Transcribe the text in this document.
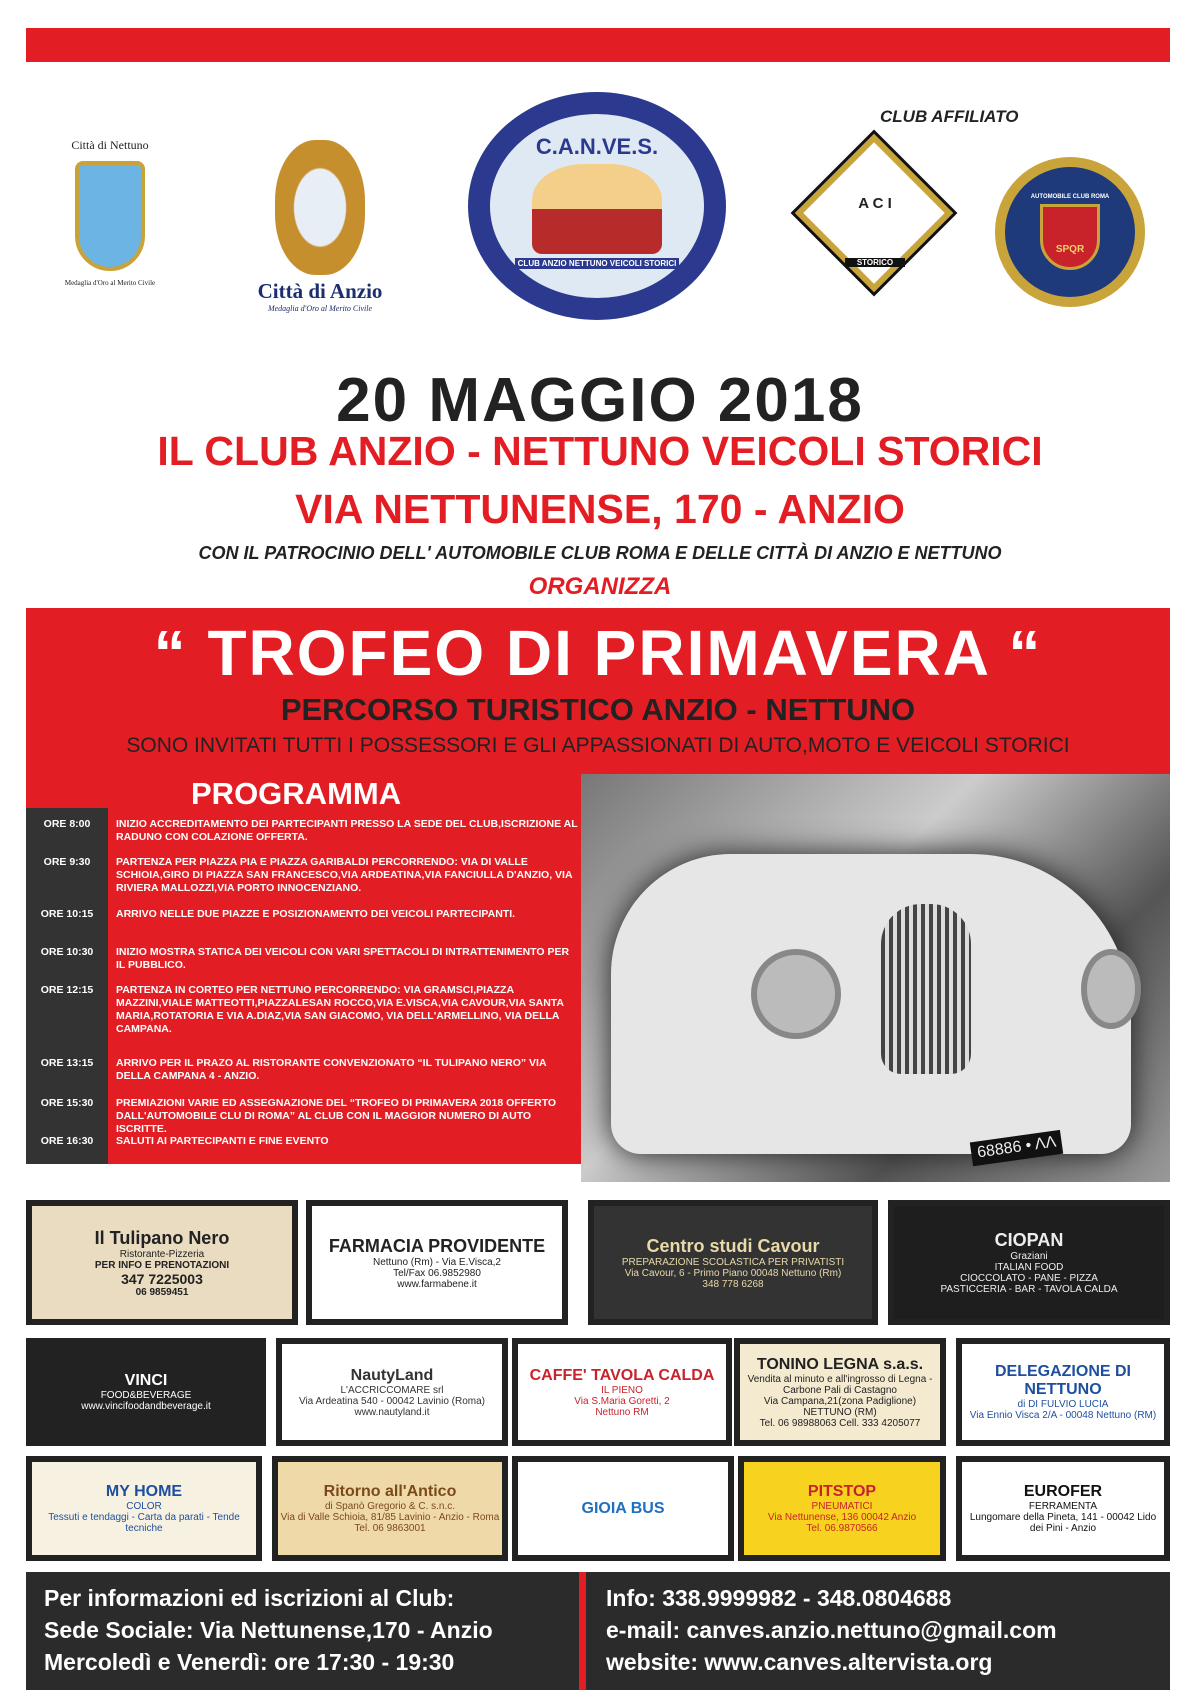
Città di Nettuno
Medaglia d'Oro al Merito Civile	Città di Anzio
Medaglia d'Oro al Merito Civile
C.A.N.VE.S.
CLUB ANZIO NETTUNO VEICOLI STORICI
CLUB AFFILIATO
A C I
STORICO
AUTOMOBILE CLUB ROMA
SPQR
20 MAGGIO 2018
IL CLUB ANZIO - NETTUNO VEICOLI STORICI
VIA NETTUNENSE, 170 - ANZIO
CON IL PATROCINIO DELL' AUTOMOBILE CLUB ROMA E DELLE CITTÀ DI ANZIO E NETTUNO
ORGANIZZA
“ TROFEO DI PRIMAVERA “
PERCORSO TURISTICO ANZIO - NETTUNO
SONO INVITATI TUTTI I POSSESSORI E GLI APPASSIONATI DI AUTO,MOTO E VEICOLI STORICI
PROGRAMMA
ORE 8:00	INIZIO ACCREDITAMENTO DEI PARTECIPANTI PRESSO LA SEDE DEL CLUB,ISCRIZIONE AL RADUNO CON COLAZIONE OFFERTA.
ORE 9:30	PARTENZA PER PIAZZA PIA E PIAZZA GARIBALDI PERCORRENDO: VIA DI VALLE SCHIOIA,GIRO DI PIAZZA SAN FRANCESCO,VIA ARDEATINA,VIA FANCIULLA D'ANZIO, VIA RIVIERA MALLOZZI,VIA PORTO INNOCENZIANO.
ORE 10:15	ARRIVO NELLE DUE PIAZZE E POSIZIONAMENTO DEI VEICOLI PARTECIPANTI.
ORE 10:30	INIZIO MOSTRA STATICA DEI VEICOLI CON VARI SPETTACOLI DI INTRATTENIMENTO PER IL PUBBLICO.
ORE 12:15	PARTENZA IN CORTEO PER NETTUNO PERCORRENDO: VIA GRAMSCI,PIAZZA MAZZINI,VIALE MATTEOTTI,PIAZZALESAN ROCCO,VIA E.VISCA,VIA CAVOUR,VIA SANTA MARIA,ROTATORIA E VIA A.DIAZ,VIA SAN GIACOMO, VIA DELL'ARMELLINO, VIA DELLA CAMPANA.
ORE 13:15	ARRIVO PER IL PRAZO AL RISTORANTE CONVENZIONATO “IL TULIPANO NERO” VIA DELLA CAMPANA 4 - ANZIO.
ORE 15:30	PREMIAZIONI VARIE ED ASSEGNAZIONE DEL “TROFEO DI PRIMAVERA 2018 OFFERTO DALL'AUTOMOBILE CLU DI ROMA” AL CLUB CON IL MAGGIOR NUMERO DI AUTO ISCRITTE.
ORE 16:30	SALUTI AI PARTECIPANTI E FINE EVENTO	68886 • ΛΛ
Il Tulipano Nero
Ristorante-Pizzeria
PER INFO E PRENOTAZIONI
347 7225003
06 9859451
FARMACIA PROVIDENTE
Nettuno (Rm) - Via E.Visca,2
Tel/Fax 06.9852980
www.farmabene.it
Centro studi Cavour
PREPARAZIONE SCOLASTICA PER PRIVATISTI
Via Cavour, 6 - Primo Piano 00048 Nettuno (Rm)
348 778 6268
CIOPAN
Graziani
ITALIAN FOOD
CIOCCOLATO - PANE - PIZZA
PASTICCERIA - BAR - TAVOLA CALDA
VINCI
FOOD&BEVERAGE
www.vincifoodandbeverage.it
NautyLand
L'ACCRICCOMARE srl
Via Ardeatina 540 - 00042 Lavinio (Roma)
www.nautyland.it
CAFFE' TAVOLA CALDA
IL PIENO
Via S.Maria Goretti, 2
Nettuno RM
TONINO LEGNA s.a.s.
Vendita al minuto e all'ingrosso di Legna - Carbone Pali di Castagno
Via Campana,21(zona Padiglione) NETTUNO (RM)
Tel. 06 98988063 Cell. 333 4205077
DELEGAZIONE DI NETTUNO
di DI FULVIO LUCIA
Via Ennio Visca 2/A - 00048 Nettuno (RM)
MY HOME
COLOR
Tessuti e tendaggi - Carta da parati - Tende tecniche
Ritorno all'Antico
di Spanò Gregorio & C. s.n.c.
Via di Valle Schioia, 81/85 Lavinio - Anzio - Roma
Tel. 06 9863001
GIOIA BUS
PITSTOP
PNEUMATICI
Via Nettunense, 136 00042 Anzio
Tel. 06.9870566
EUROFER
FERRAMENTA
Lungomare della Pineta, 141 - 00042 Lido dei Pini - Anzio
Per informazioni ed iscrizioni al Club:
Sede Sociale: Via Nettunense,170 - Anzio
Mercoledì e Venerdì: ore 17:30 - 19:30
Info: 338.9999982 - 348.0804688
e-mail: canves.anzio.nettuno@gmail.com
website: www.canves.altervista.org
